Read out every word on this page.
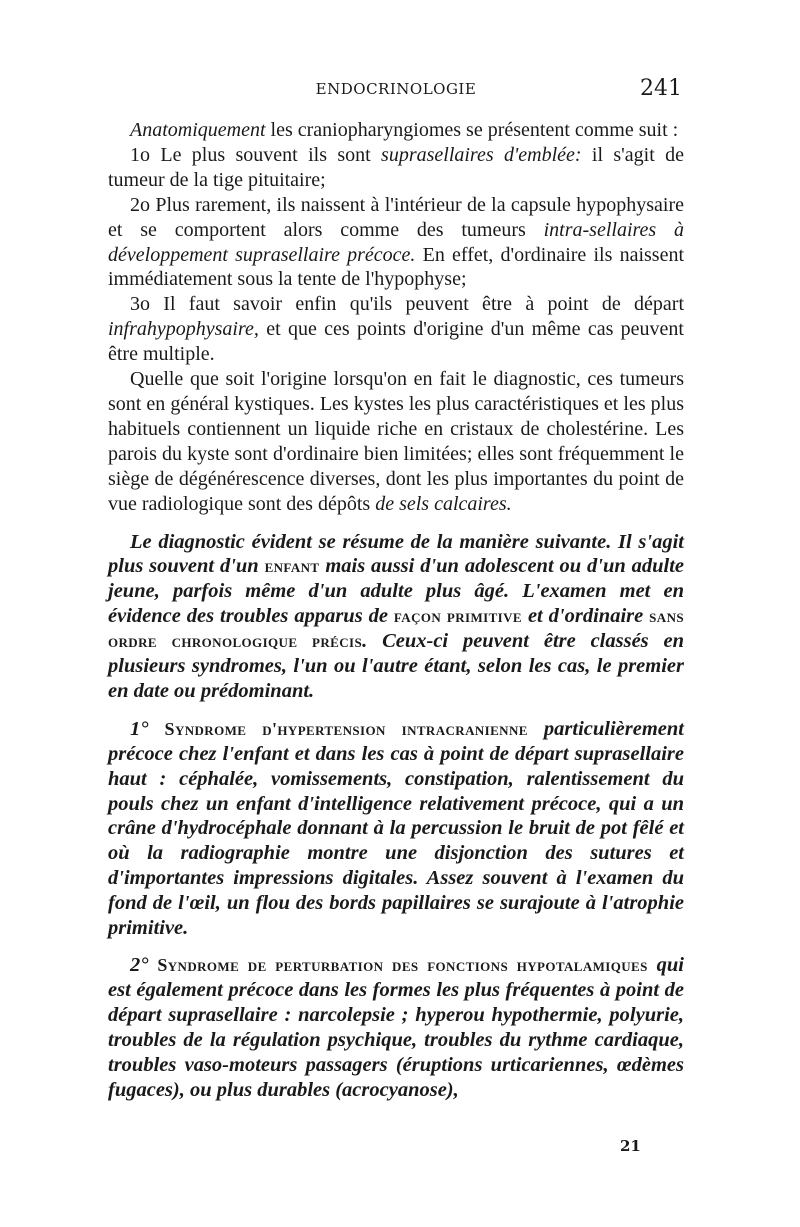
ENDOCRINOLOGIE	241

Anatomiquement les craniopharyngiomes se présentent comme suit :

1o Le plus souvent ils sont suprasellaires d'emblée: il s'agit de tumeur de la tige pituitaire;

2o Plus rarement, ils naissent à l'intérieur de la capsule hypophysaire et se comportent alors comme des tumeurs intra-sellaires à développement suprasellaire précoce. En effet, d'ordinaire ils naissent immédiatement sous la tente de l'hypophyse;

3o Il faut savoir enfin qu'ils peuvent être à point de départ infrahypophysaire, et que ces points d'origine d'un même cas peuvent être multiple.

Quelle que soit l'origine lorsqu'on en fait le diagnostic, ces tumeurs sont en général kystiques. Les kystes les plus caractéristiques et les plus habituels contiennent un liquide riche en cristaux de cholestérine. Les parois du kyste sont d'ordinaire bien limitées; elles sont fréquemment le siège de dégénérescence diverses, dont les plus importantes du point de vue radiologique sont des dépôts de sels calcaires.

Le diagnostic évident se résume de la manière suivante. Il s'agit plus souvent d'un enfant mais aussi d'un adolescent ou d'un adulte jeune, parfois même d'un adulte plus âgé. L'examen met en évidence des troubles apparus de façon primitive et d'ordinaire sans ordre chronologique précis. Ceux-ci peuvent être classés en plusieurs syndromes, l'un ou l'autre étant, selon les cas, le premier en date ou prédominant.

1° Syndrome d'hypertension intracranienne particulièrement précoce chez l'enfant et dans les cas à point de départ suprasellaire haut : céphalée, vomissements, constipation, ralentissement du pouls chez un enfant d'intelligence relativement précoce, qui a un crâne d'hydrocéphale donnant à la percussion le bruit de pot fêlé et où la radiographie montre une disjonction des sutures et d'importantes impressions digitales. Assez souvent à l'examen du fond de l'œil, un flou des bords papillaires se surajoute à l'atrophie primitive.

2° Syndrome de perturbation des fonctions hypotalamiques qui est également précoce dans les formes les plus fréquentes à point de départ suprasellaire : narcolepsie ; hyperou hypothermie, polyurie, troubles de la régulation psychique, troubles du rythme cardiaque, troubles vaso-moteurs passagers (éruptions urticariennes, œdèmes fugaces), ou plus durables (acrocyanose),

21
